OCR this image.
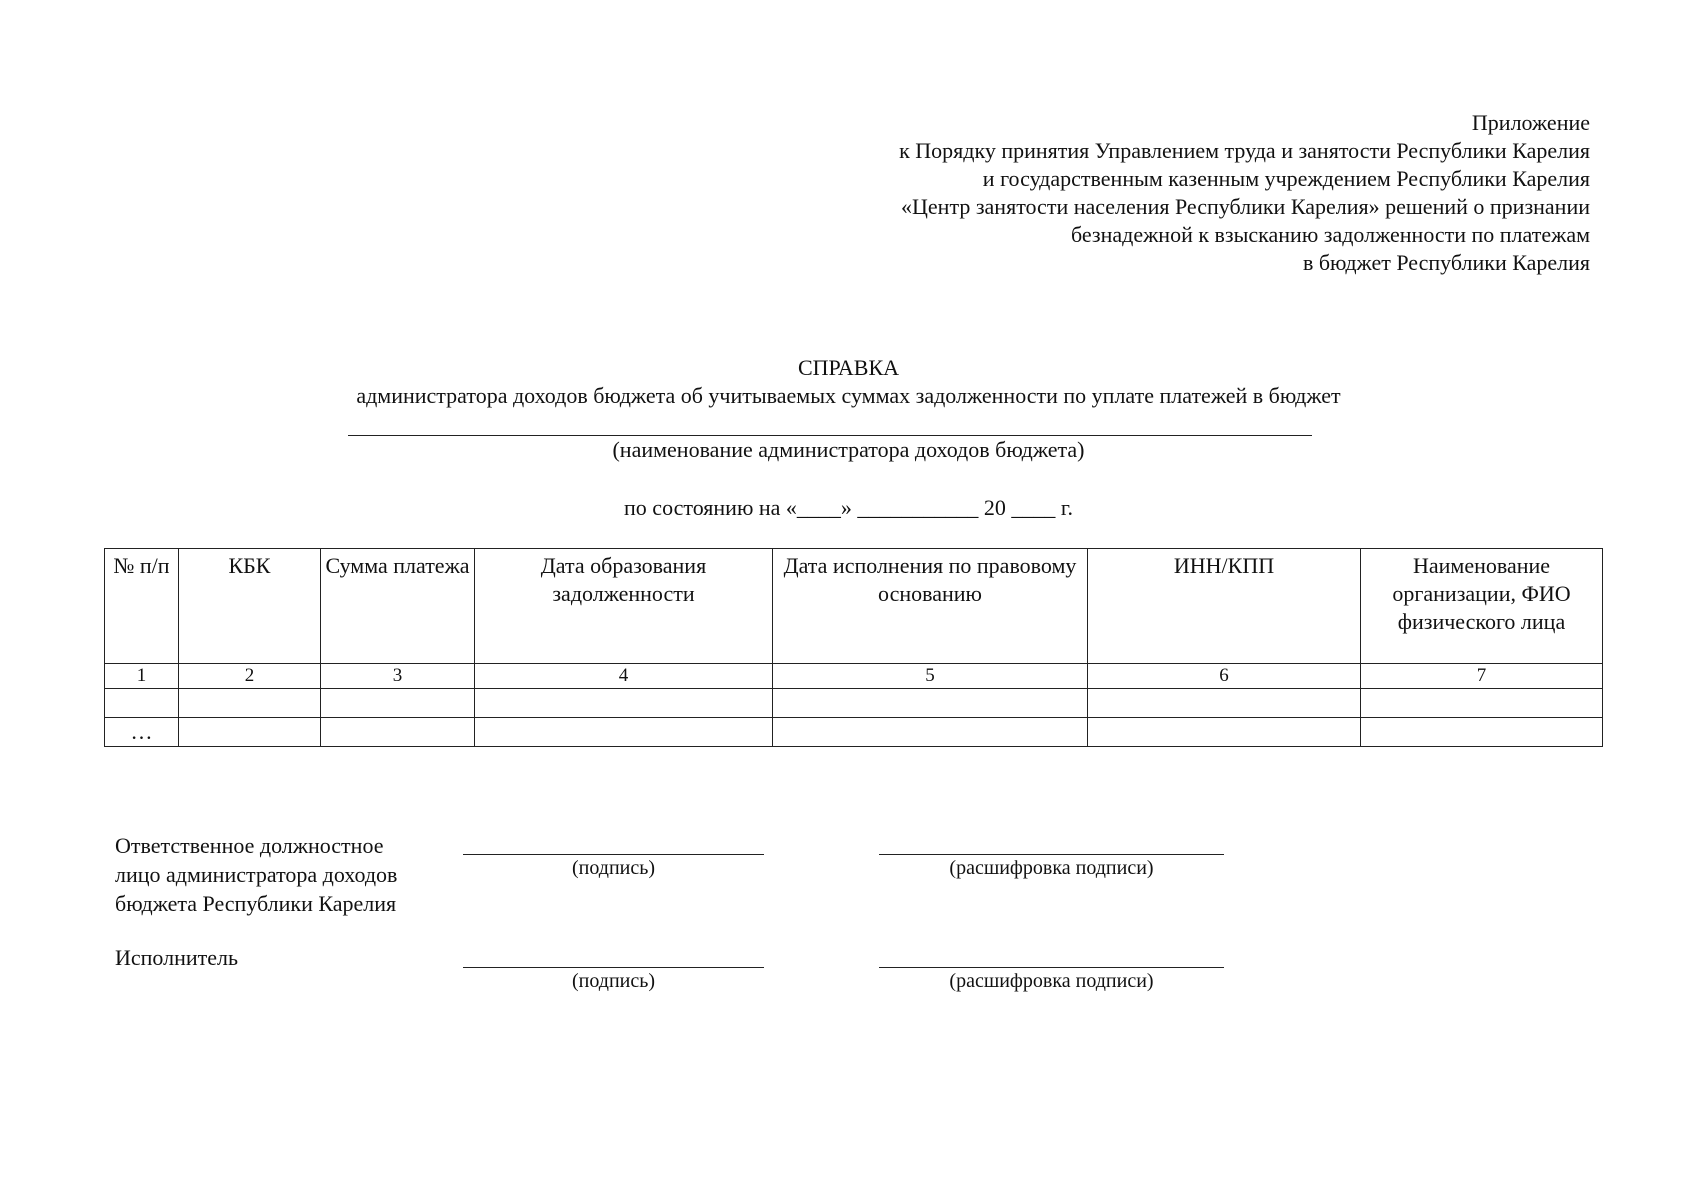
Приложение
к Порядку принятия Управлением труда и занятости Республики Карелия
и государственным казенным учреждением Республики Карелия
«Центр занятости населения Республики Карелия» решений о признании
безнадежной к взысканию задолженности по платежам
в бюджет Республики Карелия
СПРАВКА
администратора доходов бюджета об учитываемых суммах задолженности по уплате платежей в бюджет
(наименование администратора доходов бюджета)
по состоянию на «____» ___________ 20 ____ г.
№ п/п	КБК	Сумма платежа	Дата образования задолженности	Дата исполнения по правовому основанию	ИНН/КПП	Наименование организации, ФИО физического лица
1	2	3	4	5	6	7

…						
Ответственное должностное
лицо администратора доходов
бюджета Республики Карелия
(подпись)	(расшифровка подписи)
Исполнитель
(подпись)	(расшифровка подписи)
